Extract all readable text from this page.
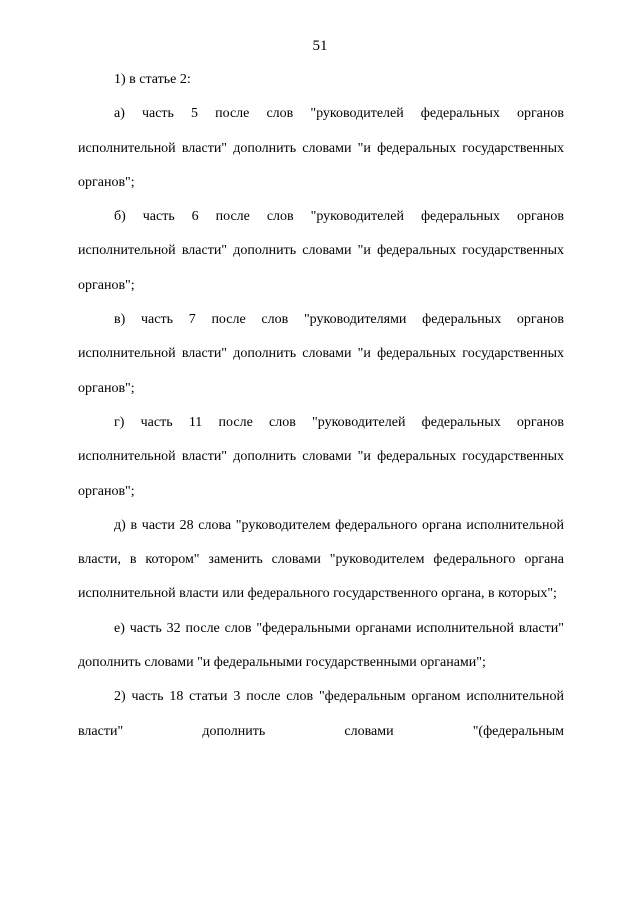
51

1) в статье 2:

а) часть 5 после слов "руководителей федеральных органов исполнительной власти" дополнить словами "и федеральных государственных органов";

б) часть 6 после слов "руководителей федеральных органов исполнительной власти" дополнить словами "и федеральных государственных органов";

в) часть 7 после слов "руководителями федеральных органов исполнительной власти" дополнить словами "и федеральных государственных органов";

г) часть 11 после слов "руководителей федеральных органов исполнительной власти" дополнить словами "и федеральных государственных органов";

д) в части 28 слова "руководителем федерального органа исполнительной власти, в котором" заменить словами "руководителем федерального органа исполнительной власти или федерального государственного органа, в которых";

е) часть 32 после слов "федеральными органами исполнительной власти" дополнить словами "и федеральными государственными органами";

2) часть 18 статьи 3 после слов "федеральным органом исполнительной власти" дополнить словами "(федеральным
